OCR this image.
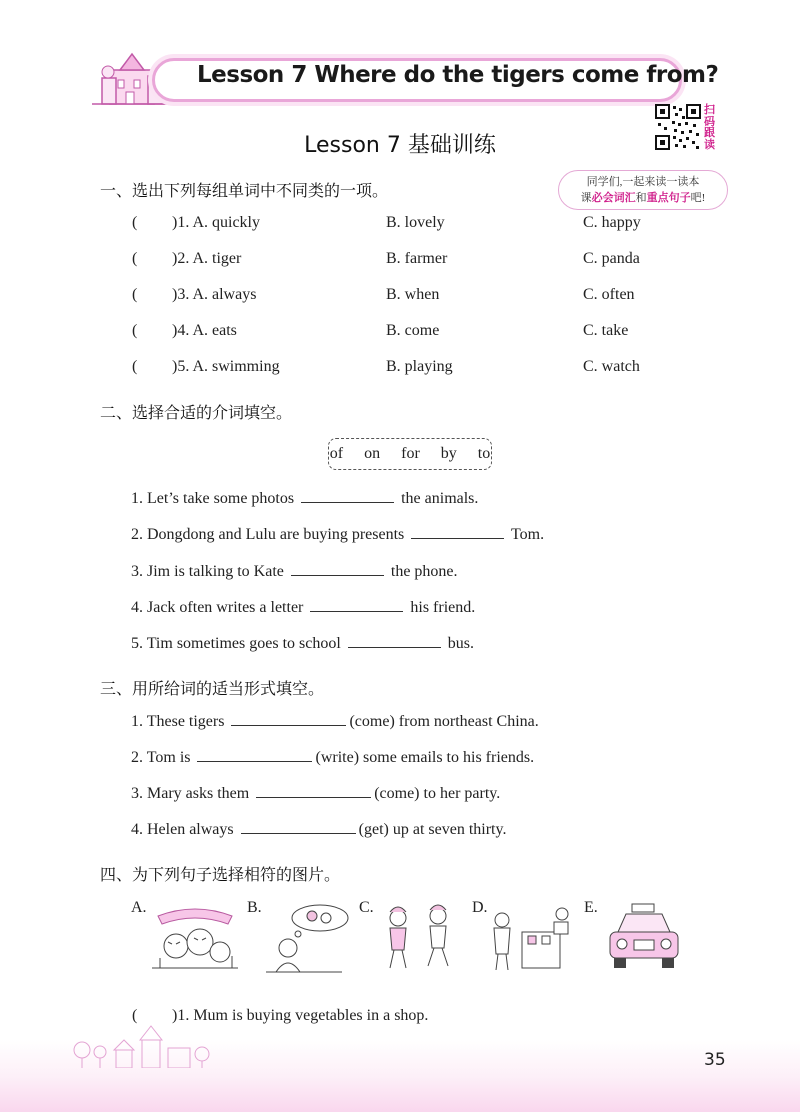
Lesson 7 Where do the tigers come from?
扫码跟读
Lesson 7 基础训练
同学们,一起来读一读本
课必会词汇和重点句子吧!
一、选出下列每组单词中不同类的一项。
( )1. A. quickly	B. lovely	C. happy
( )2. A. tiger	B. farmer	C. panda
( )3. A. always	B. when	C. often
( )4. A. eats	B. come	C. take
( )5. A. swimming	B. playing	C. watch
二、选择合适的介词填空。
of on for by to
1. Let’s take some photos	the animals.
2. Dongdong and Lulu are buying presents	Tom.
3. Jim is talking to Kate	the phone.
4. Jack often writes a letter	his friend.
5. Tim sometimes goes to school	bus.
三、用所给词的适当形式填空。
1. These tigers	(come) from northeast China.
2. Tom is	(write) some emails to his friends.
3. Mary asks them	(come) to her party.
4. Helen always	(get) up at seven thirty.
四、为下列句子选择相符的图片。
A.	B.	C.	D.	E.
( )1. Mum is buying vegetables in a shop.
35
